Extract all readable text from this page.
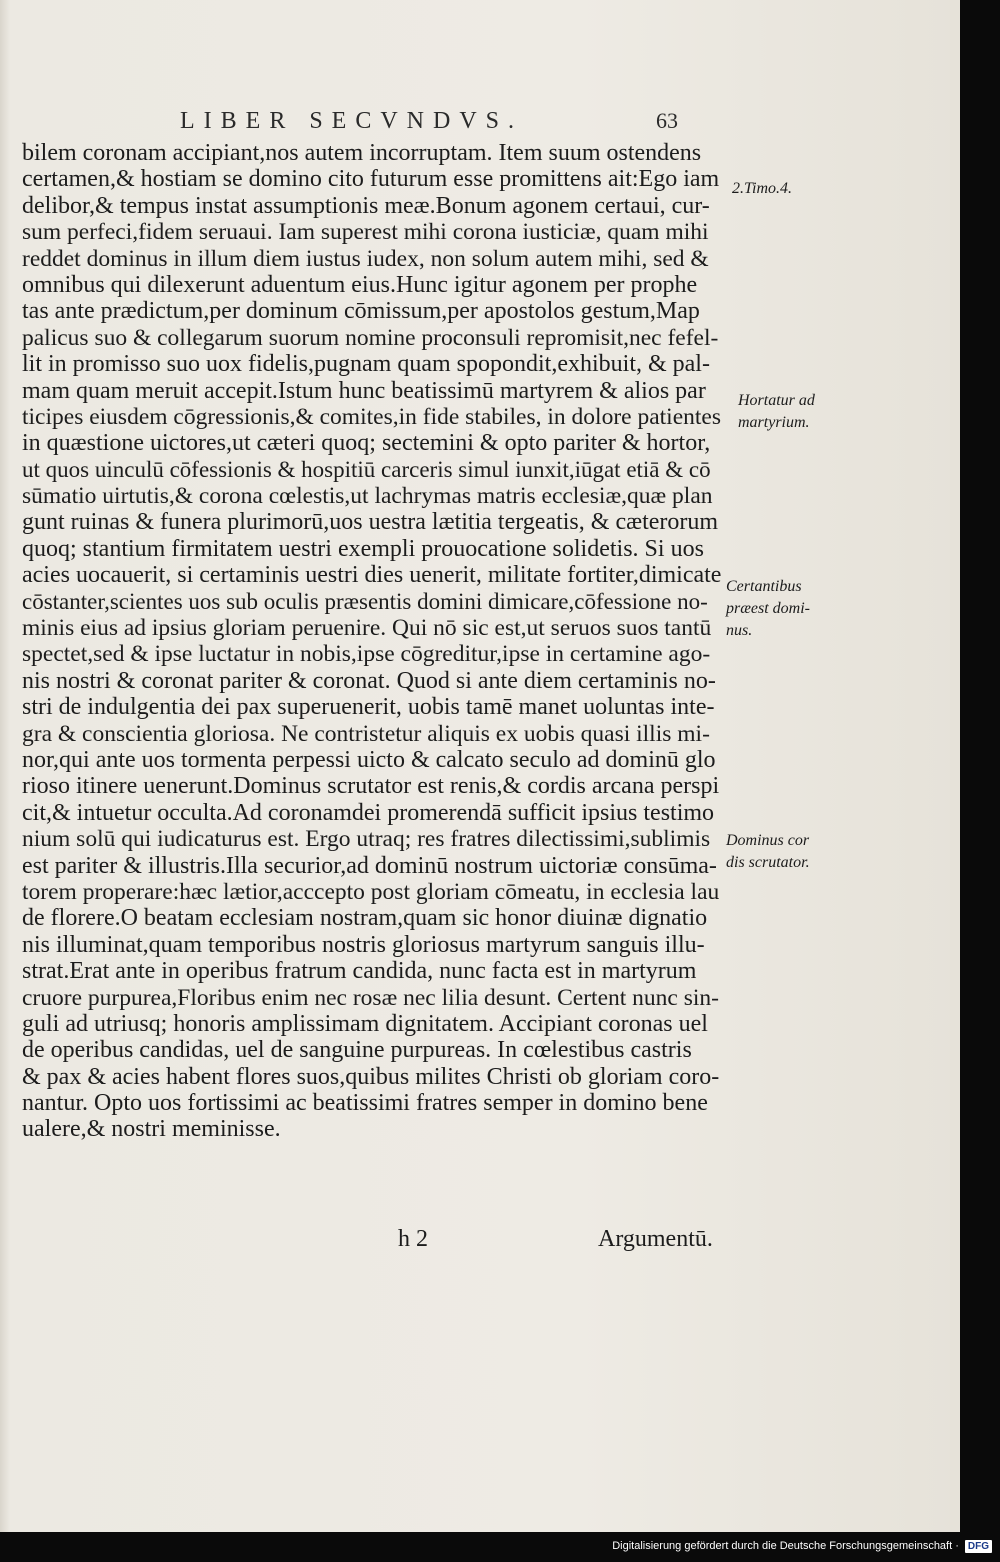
LIBER SECVNDVS.	63
bilem coronam accipiant,nos autem incorruptam. Item suum ostendens
certamen,& hostiam se domino cito futurum esse promittens ait:Ego iam
delibor,& tempus instat assumptionis meæ.Bonum agonem certaui, cur-
sum perfeci,fidem seruaui. Iam superest mihi corona iusticiæ, quam mihi
reddet dominus in illum diem iustus iudex, non solum autem mihi, sed &
omnibus qui dilexerunt aduentum eius.Hunc igitur agonem per prophe
tas ante prædictum,per dominum cōmissum,per apostolos gestum,Map
palicus suo & collegarum suorum nomine proconsuli repromisit,nec fefel-
lit in promisso suo uox fidelis,pugnam quam spopondit,exhibuit, & pal-
mam quam meruit accepit.Istum hunc beatissimū martyrem & alios par
ticipes eiusdem cōgressionis,& comites,in fide stabiles, in dolore patientes
in quæstione uictores,ut cæteri quoq; sectemini & opto pariter & hortor,
ut quos uinculū cōfessionis & hospitiū carceris simul iunxit,iūgat etiā & cō
sūmatio uirtutis,& corona cœlestis,ut lachrymas matris ecclesiæ,quæ plan
gunt ruinas & funera plurimorū,uos uestra lætitia tergeatis, & cæterorum
quoq; stantium firmitatem uestri exempli prouocatione solidetis. Si uos
acies uocauerit, si certaminis uestri dies uenerit, militate fortiter,dimicate
cōstanter,scientes uos sub oculis præsentis domini dimicare,cōfessione no-
minis eius ad ipsius gloriam peruenire. Qui nō sic est,ut seruos suos tantū
spectet,sed & ipse luctatur in nobis,ipse cōgreditur,ipse in certamine ago-
nis nostri & coronat pariter & coronat. Quod si ante diem certaminis no-
stri de indulgentia dei pax superuenerit, uobis tamē manet uoluntas inte-
gra & conscientia gloriosa. Ne contristetur aliquis ex uobis quasi illis mi-
nor,qui ante uos tormenta perpessi uicto & calcato seculo ad dominū glo
rioso itinere uenerunt.Dominus scrutator est renis,& cordis arcana perspi
cit,& intuetur occulta.Ad coronamdei promerendā sufficit ipsius testimo
nium solū qui iudicaturus est. Ergo utraq; res fratres dilectissimi,sublimis
est pariter & illustris.Illa securior,ad dominū nostrum uictoriæ consūma-
torem properare:hæc lætior,acccepto post gloriam cōmeatu, in ecclesia lau
de florere.O beatam ecclesiam nostram,quam sic honor diuinæ dignatio
nis illuminat,quam temporibus nostris gloriosus martyrum sanguis illu-
strat.Erat ante in operibus fratrum candida, nunc facta est in martyrum
cruore purpurea,Floribus enim nec rosæ nec lilia desunt. Certent nunc sin-
guli ad utriusq; honoris amplissimam dignitatem. Accipiant coronas uel
de operibus candidas, uel de sanguine purpureas. In cœlestibus castris
& pax & acies habent flores suos,quibus milites Christi ob gloriam coro-
nantur. Opto uos fortissimi ac beatissimi fratres semper in domino bene
ualere,& nostri meminisse.
2.Timo.4.
Hortatur ad
martyrium.
Certantibus
præest domi-
nus.
Dominus cor
dis scrutator.
h 2	Argumentū.
Digitalisierung gefördert durch die Deutsche Forschungsgemeinschaft · DFG
